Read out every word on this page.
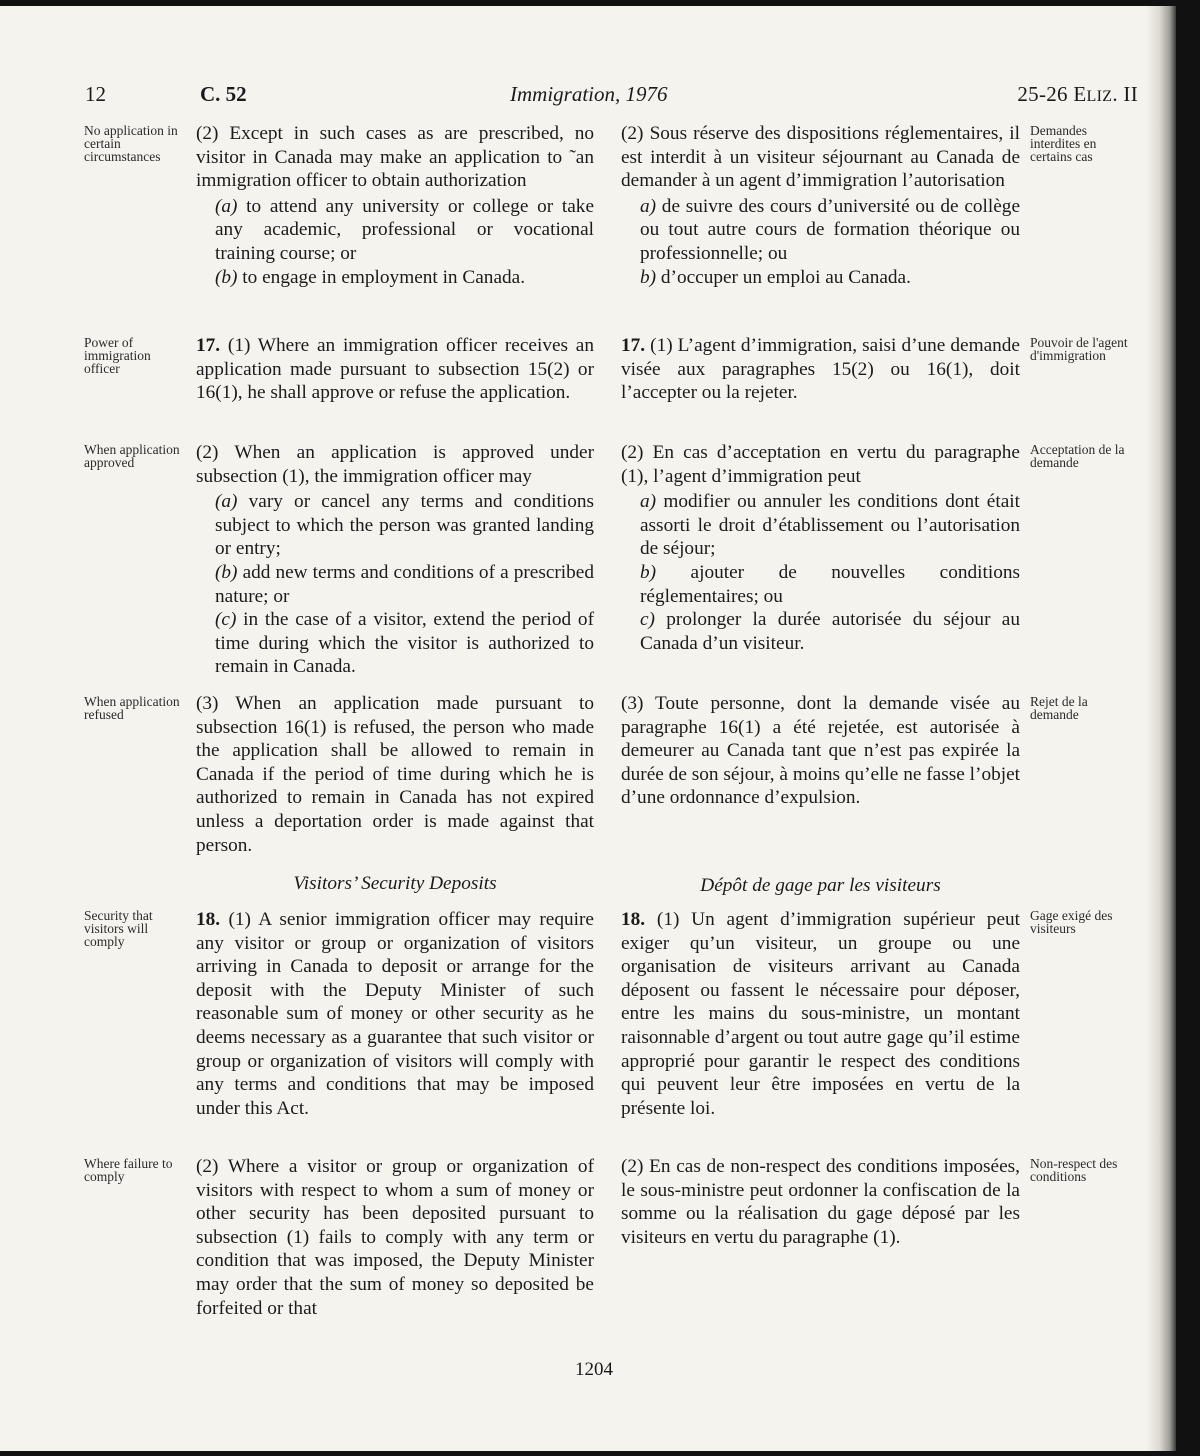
12	C. 52	Immigration, 1976	25-26 ELIZ. II
No application in certain circumstances
Power of immigration officer
When application approved
When application refused
Security that visitors will comply
Where failure to comply
Demandes interdites en certains cas
Pouvoir de l'agent d'immigration
Acceptation de la demande
Rejet de la demande
Gage exigé des visiteurs
Non-respect des conditions

(2) Except in such cases as are prescribed, no visitor in Canada may make an application to ˜an immigration officer to obtain authorization

(a) to attend any university or college or take any academic, professional or vocational training course; or

(b) to engage in employment in Canada.

17. (1) Where an immigration officer receives an application made pursuant to subsection 15(2) or 16(1), he shall approve or refuse the application.

(2) When an application is approved under subsection (1), the immigration officer may

(a) vary or cancel any terms and conditions subject to which the person was granted landing or entry;

(b) add new terms and conditions of a prescribed nature; or

(c) in the case of a visitor, extend the period of time during which the visitor is authorized to remain in Canada.

(3) When an application made pursuant to subsection 16(1) is refused, the person who made the application shall be allowed to remain in Canada if the period of time during which he is authorized to remain in Canada has not expired unless a deportation order is made against that person.

Visitors’ Security Deposits

18. (1) A senior immigration officer may require any visitor or group or organization of visitors arriving in Canada to deposit or arrange for the deposit with the Deputy Minister of such reasonable sum of money or other security as he deems necessary as a guarantee that such visitor or group or organization of visitors will comply with any terms and conditions that may be imposed under this Act.

(2) Where a visitor or group or organization of visitors with respect to whom a sum of money or other security has been deposited pursuant to subsection (1) fails to comply with any term or condition that was imposed, the Deputy Minister may order that the sum of money so deposited be forfeited or that

(2) Sous réserve des dispositions réglementaires, il est interdit à un visiteur séjournant au Canada de demander à un agent d’immigration l’autorisation

a) de suivre des cours d’université ou de collège ou tout autre cours de formation théorique ou professionnelle; ou

b) d’occuper un emploi au Canada.

17. (1) L’agent d’immigration, saisi d’une demande visée aux paragraphes 15(2) ou 16(1), doit l’accepter ou la rejeter.

(2) En cas d’acceptation en vertu du paragraphe (1), l’agent d’immigration peut

a) modifier ou annuler les conditions dont était assorti le droit d’établissement ou l’autorisation de séjour;

b) ajouter de nouvelles conditions réglementaires; ou

c) prolonger la durée autorisée du séjour au Canada d’un visiteur.

(3) Toute personne, dont la demande visée au paragraphe 16(1) a été rejetée, est autorisée à demeurer au Canada tant que n’est pas expirée la durée de son séjour, à moins qu’elle ne fasse l’objet d’une ordonnance d’expulsion.

Dépôt de gage par les visiteurs

18. (1) Un agent d’immigration supérieur peut exiger qu’un visiteur, un groupe ou une organisation de visiteurs arrivant au Canada déposent ou fassent le nécessaire pour déposer, entre les mains du sous-ministre, un montant raisonnable d’argent ou tout autre gage qu’il estime approprié pour garantir le respect des conditions qui peuvent leur être imposées en vertu de la présente loi.

(2) En cas de non-respect des conditions imposées, le sous-ministre peut ordonner la confiscation de la somme ou la réalisation du gage déposé par les visiteurs en vertu du paragraphe (1).

1204
